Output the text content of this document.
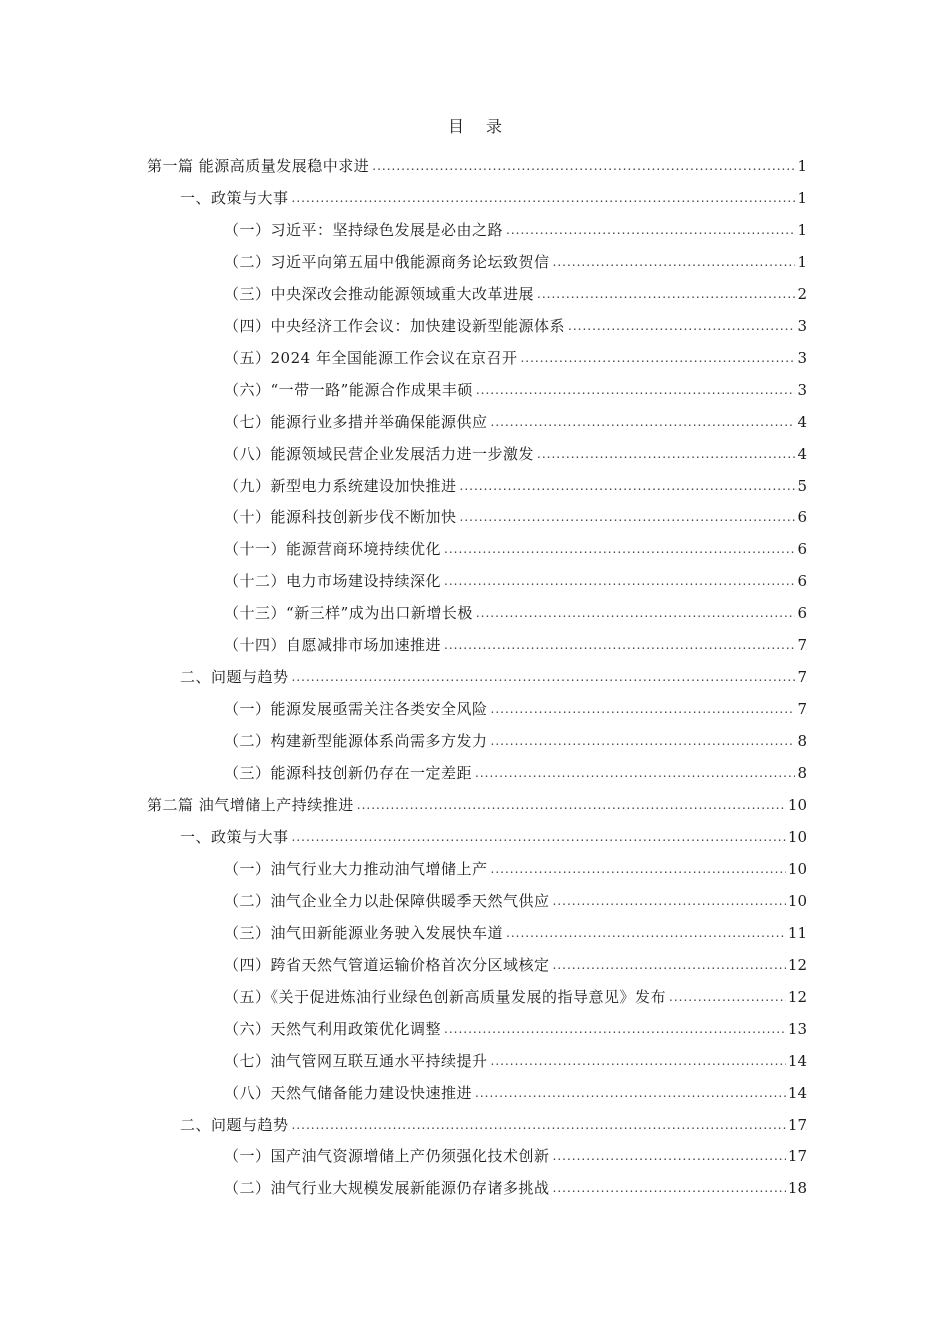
目 录
第一篇 能源高质量发展稳中求进 .....	1
一、政策与大事 .....	1
（一）习近平：坚持绿色发展是必由之路 .....	1
（二）习近平向第五届中俄能源商务论坛致贺信 .....	1
（三）中央深改会推动能源领域重大改革进展 .....	2
（四）中央经济工作会议：加快建设新型能源体系 .....	3
（五）2024 年全国能源工作会议在京召开 .....	3
（六）“一带一路”能源合作成果丰硕 .....	3
（七）能源行业多措并举确保能源供应 .....	4
（八）能源领域民营企业发展活力进一步激发 .....	4
（九）新型电力系统建设加快推进 .....	5
（十）能源科技创新步伐不断加快 .....	6
（十一）能源营商环境持续优化 .....	6
（十二）电力市场建设持续深化 .....	6
（十三）“新三样”成为出口新增长极 .....	6
（十四）自愿减排市场加速推进 .....	7
二、问题与趋势 .....	7
（一）能源发展亟需关注各类安全风险 .....	7
（二）构建新型能源体系尚需多方发力 .....	8
（三）能源科技创新仍存在一定差距 .....	8
第二篇 油气增储上产持续推进 .....	10
一、政策与大事 .....	10
（一）油气行业大力推动油气增储上产 .....	10
（二）油气企业全力以赴保障供暖季天然气供应 .....	10
（三）油气田新能源业务驶入发展快车道 .....	11
（四）跨省天然气管道运输价格首次分区域核定 .....	12
（五）《关于促进炼油行业绿色创新高质量发展的指导意见》发布 .....	12
（六）天然气利用政策优化调整 .....	13
（七）油气管网互联互通水平持续提升 .....	14
（八）天然气储备能力建设快速推进 .....	14
二、问题与趋势 .....	17
（一）国产油气资源增储上产仍须强化技术创新 .....	17
（二）油气行业大规模发展新能源仍存诸多挑战 .....	18
